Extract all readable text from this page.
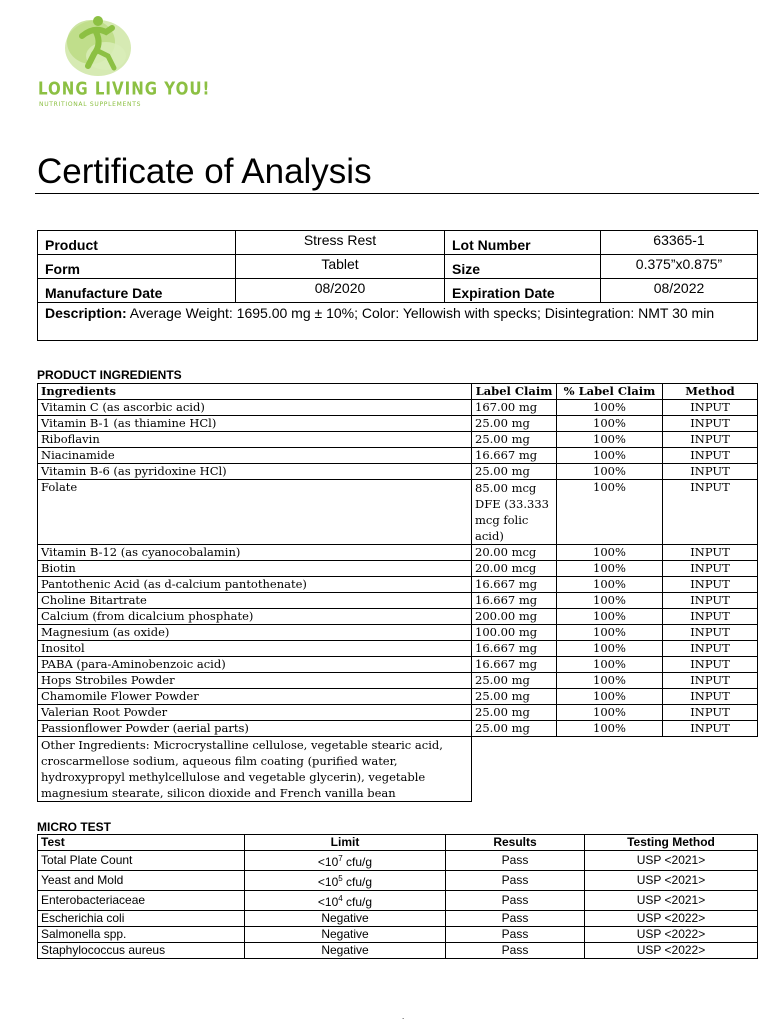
LONG LIVING YOU!
NUTRITIONAL SUPPLEMENTS
Certificate of Analysis
Product	Stress Rest	Lot Number	63365-1
Form	Tablet	Size	0.375”x0.875”
Manufacture Date	08/2020	Expiration Date	08/2022
Description: Average Weight: 1695.00 mg ± 10%; Color: Yellowish with specks; Disintegration: NMT 30 min			
PRODUCT INGREDIENTS
Ingredients	Label Claim	% Label Claim	Method
Vitamin C (as ascorbic acid)	167.00 mg	100%	INPUT
Vitamin B-1 (as thiamine HCl)	25.00 mg	100%	INPUT
Riboflavin	25.00 mg	100%	INPUT
Niacinamide	16.667 mg	100%	INPUT
Vitamin B-6 (as pyridoxine HCl)	25.00 mg	100%	INPUT
Folate	85.00 mcg DFE (33.333 mcg folic acid)	100%	INPUT
Vitamin B-12 (as cyanocobalamin)	20.00 mcg	100%	INPUT
Biotin	20.00 mcg	100%	INPUT
Pantothenic Acid (as d-calcium pantothenate)	16.667 mg	100%	INPUT
Choline Bitartrate	16.667 mg	100%	INPUT
Calcium (from dicalcium phosphate)	200.00 mg	100%	INPUT
Magnesium (as oxide)	100.00 mg	100%	INPUT
Inositol	16.667 mg	100%	INPUT
PABA (para-Aminobenzoic acid)	16.667 mg	100%	INPUT
Hops Strobiles Powder	25.00 mg	100%	INPUT
Chamomile Flower Powder	25.00 mg	100%	INPUT
Valerian Root Powder	25.00 mg	100%	INPUT
Passionflower Powder (aerial parts)	25.00 mg	100%	INPUT
Other Ingredients: Microcrystalline cellulose, vegetable stearic acid, croscarmellose sodium, aqueous film coating (purified water, hydroxypropyl methylcellulose and vegetable glycerin), vegetable magnesium stearate, silicon dioxide and French vanilla bean			
MICRO TEST
Test	Limit	Results	Testing Method
Total Plate Count	$<10^7$ cfu/g	Pass	USP <2021>
Yeast and Mold	$<10^5$ cfu/g	Pass	USP <2021>
Enterobacteriaceae	$<10^4$ cfu/g	Pass	USP <2021>
Escherichia coli	Negative	Pass	USP <2022>
Salmonella spp.	Negative	Pass	USP <2022>
Staphylococcus aureus	Negative	Pass	USP <2022>
.
